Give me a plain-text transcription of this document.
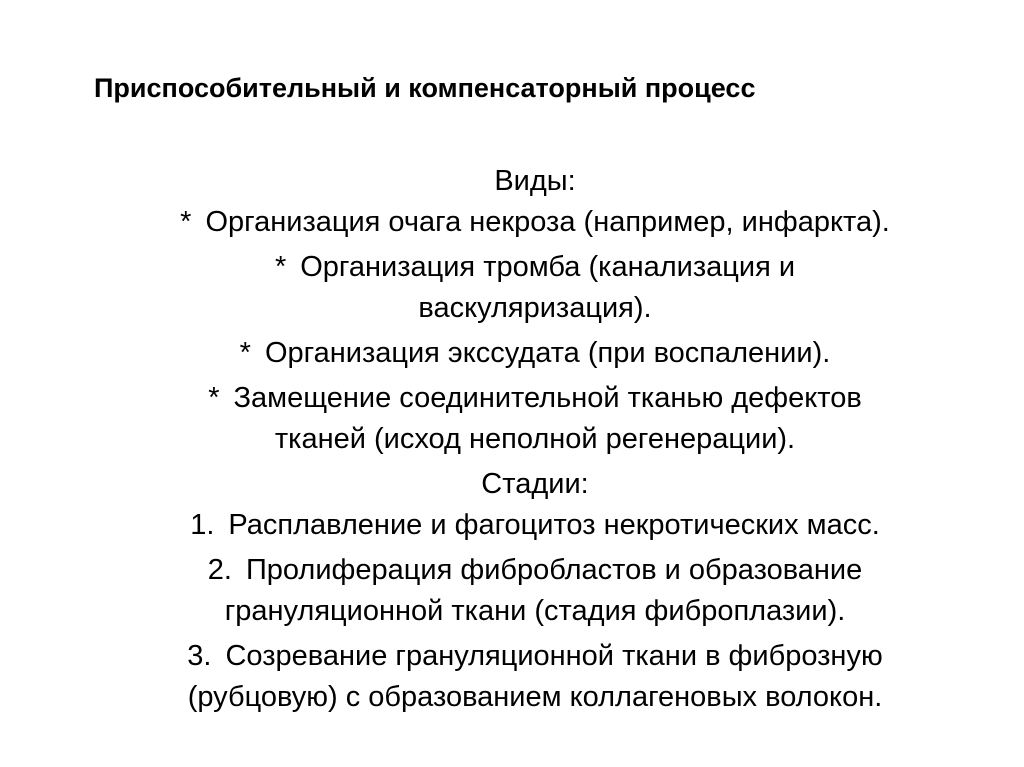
Приспособительный и компенсаторный процесс
Виды:
* Организация очага некроза (например, инфаркта).
* Организация тромба (канализация и
васкуляризация).
* Организация экссудата (при воспалении).
* Замещение соединительной тканью дефектов
тканей (исход неполной регенерации).
Стадии:
1. Расплавление и фагоцитоз некротических масс.
2. Пролиферация фибробластов и образование
грануляционной ткани (стадия фиброплазии).
3. Созревание грануляционной ткани в фиброзную
(рубцовую) с образованием коллагеновых волокон.
